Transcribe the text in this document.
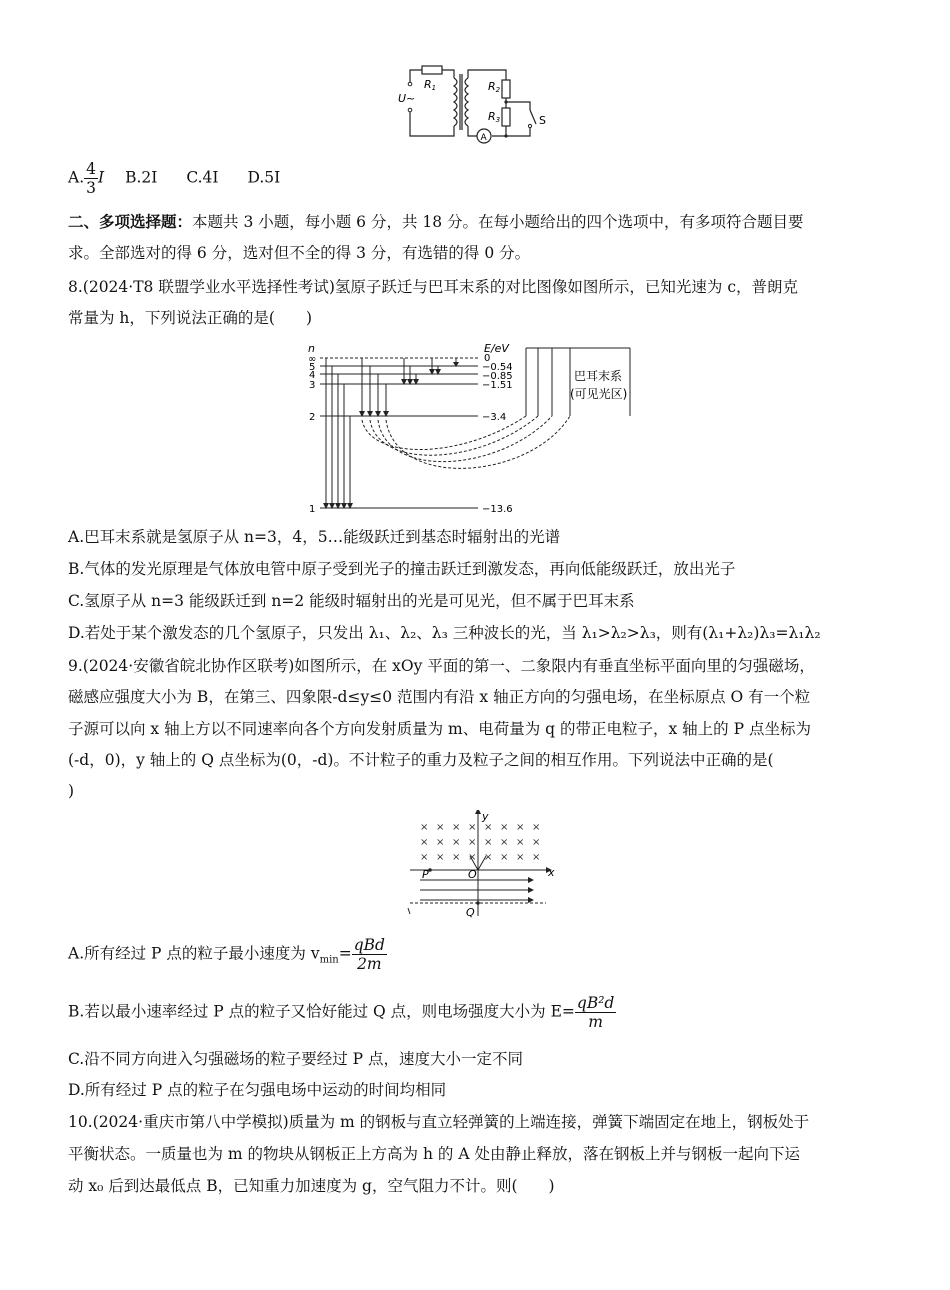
R1	R2
R3
U~
A
S
A. $\frac{4}{3}$ I B.2I C.4I D.5I
二、多项选择题：本题共 3 小题，每小题 6 分，共 18 分。在每小题给出的四个选项中，有多项符合题目要
求。全部选对的得 6 分，选对但不全的得 3 分，有选错的得 0 分。
8.(2024·T8 联盟学业水平选择性考试)氢原子跃迁与巴耳末系的对比图像如图所示，已知光速为 c，普朗克
常量为 h，下列说法正确的是(　　)
n
∞
5
4
3
2
1
E/eV
0
−0.54
−0.85
−1.51
−3.4
−13.6
巴耳末系
(可见光区)
A.巴耳末系就是氢原子从 n=3，4，5…能级跃迁到基态时辐射出的光谱
B.气体的发光原理是气体放电管中原子受到光子的撞击跃迁到激发态，再向低能级跃迁，放出光子
C.氢原子从 n=3 能级跃迁到 n=2 能级时辐射出的光是可见光，但不属于巴耳末系
D.若处于某个激发态的几个氢原子，只发出 λ₁、λ₂、λ₃ 三种波长的光，当 λ₁>λ₂>λ₃，则有(λ₁+λ₂)λ₃=λ₁λ₂
9.(2024·安徽省皖北协作区联考)如图所示，在 xOy 平面的第一、二象限内有垂直坐标平面向里的匀强磁场，
磁感应强度大小为 B，在第三、四象限-d≤y≤0 范围内有沿 x 轴正方向的匀强电场，在坐标原点 O 有一个粒
子源可以向 x 轴上方以不同速率向各个方向发射质量为 m、电荷量为 q 的带正电粒子，x 轴上的 P 点坐标为
(-d，0)，y 轴上的 Q 点坐标为(0，-d)。不计粒子的重力及粒子之间的相互作用。下列说法中正确的是(
)
× × × × × × × ×
× × × × × × × ×
× × × × × × × ×
y
x
O
P
Q
A.所有经过 P 点的粒子最小速度为 $v_{min}= \frac{\text{qBd}}{2m}$
B.若以最小速率经过 P 点的粒子又恰好能过 Q 点，则电场强度大小为 $E= \frac{\text{qB²d}}{m}$
C.沿不同方向进入匀强磁场的粒子要经过 P 点，速度大小一定不同
D.所有经过 P 点的粒子在匀强电场中运动的时间均相同
10.(2024·重庆市第八中学模拟)质量为 m 的钢板与直立轻弹簧的上端连接，弹簧下端固定在地上，钢板处于
平衡状态。一质量也为 m 的物块从钢板正上方高为 h 的 A 处由静止释放，落在钢板上并与钢板一起向下运
动 x₀ 后到达最低点 B，已知重力加速度为 g，空气阻力不计。则(　　)
